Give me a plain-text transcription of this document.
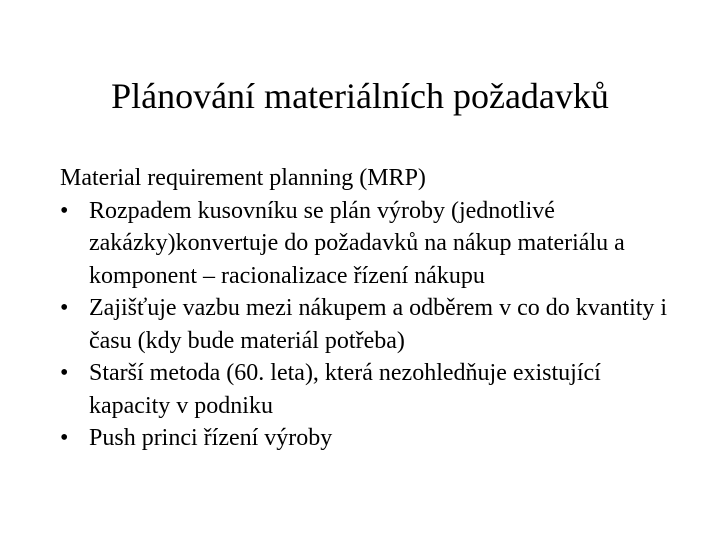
Plánování materiálních požadavků

Material requirement planning (MRP)

• Rozpadem kusovníku se plán výroby (jednotlivé zakázky)konvertuje do požadavků na nákup materiálu a komponent – racionalizace řízení nákupu
• Zajišťuje vazbu mezi nákupem a odběrem v co do kvantity i času (kdy bude materiál potřeba)
• Starší metoda (60. leta), která nezohledňuje existující kapacity v podniku
• Push princi řízení výroby
